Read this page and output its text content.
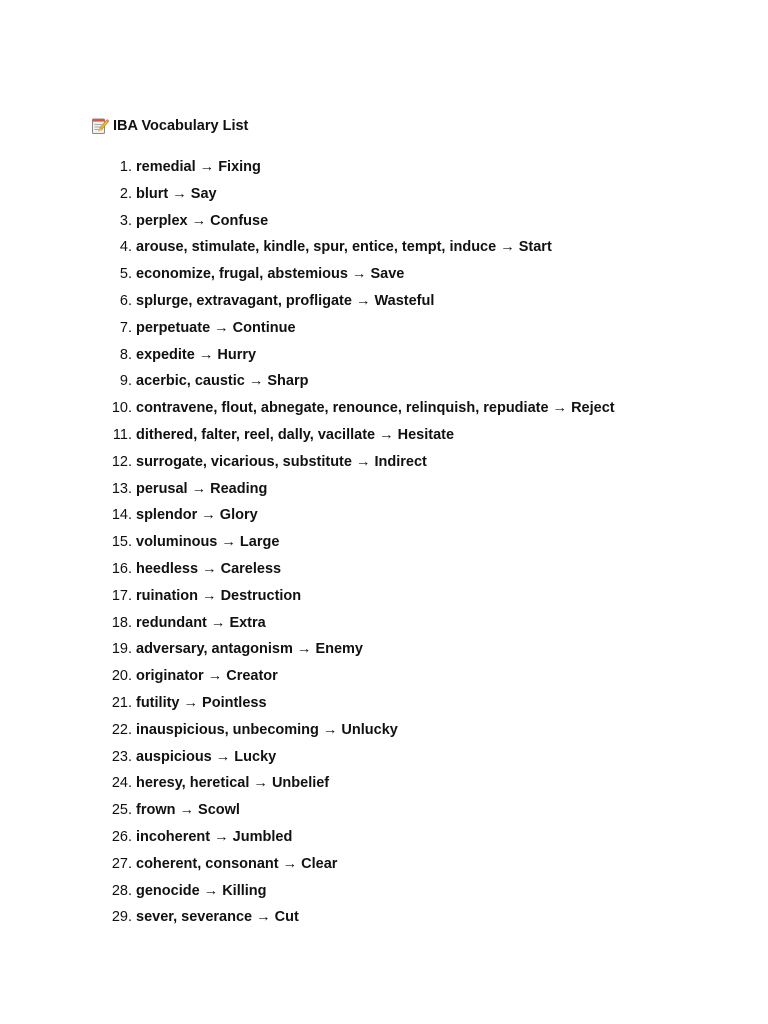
IBA Vocabulary List
1. remedial → Fixing
2. blurt → Say
3. perplex → Confuse
4. arouse, stimulate, kindle, spur, entice, tempt, induce → Start
5. economize, frugal, abstemious → Save
6. splurge, extravagant, profligate → Wasteful
7. perpetuate → Continue
8. expedite → Hurry
9. acerbic, caustic → Sharp
10. contravene, flout, abnegate, renounce, relinquish, repudiate → Reject
11. dithered, falter, reel, dally, vacillate → Hesitate
12. surrogate, vicarious, substitute → Indirect
13. perusal → Reading
14. splendor → Glory
15. voluminous → Large
16. heedless → Careless
17. ruination → Destruction
18. redundant → Extra
19. adversary, antagonism → Enemy
20. originator → Creator
21. futility → Pointless
22. inauspicious, unbecoming → Unlucky
23. auspicious → Lucky
24. heresy, heretical → Unbelief
25. frown → Scowl
26. incoherent → Jumbled
27. coherent, consonant → Clear
28. genocide → Killing
29. sever, severance → Cut
